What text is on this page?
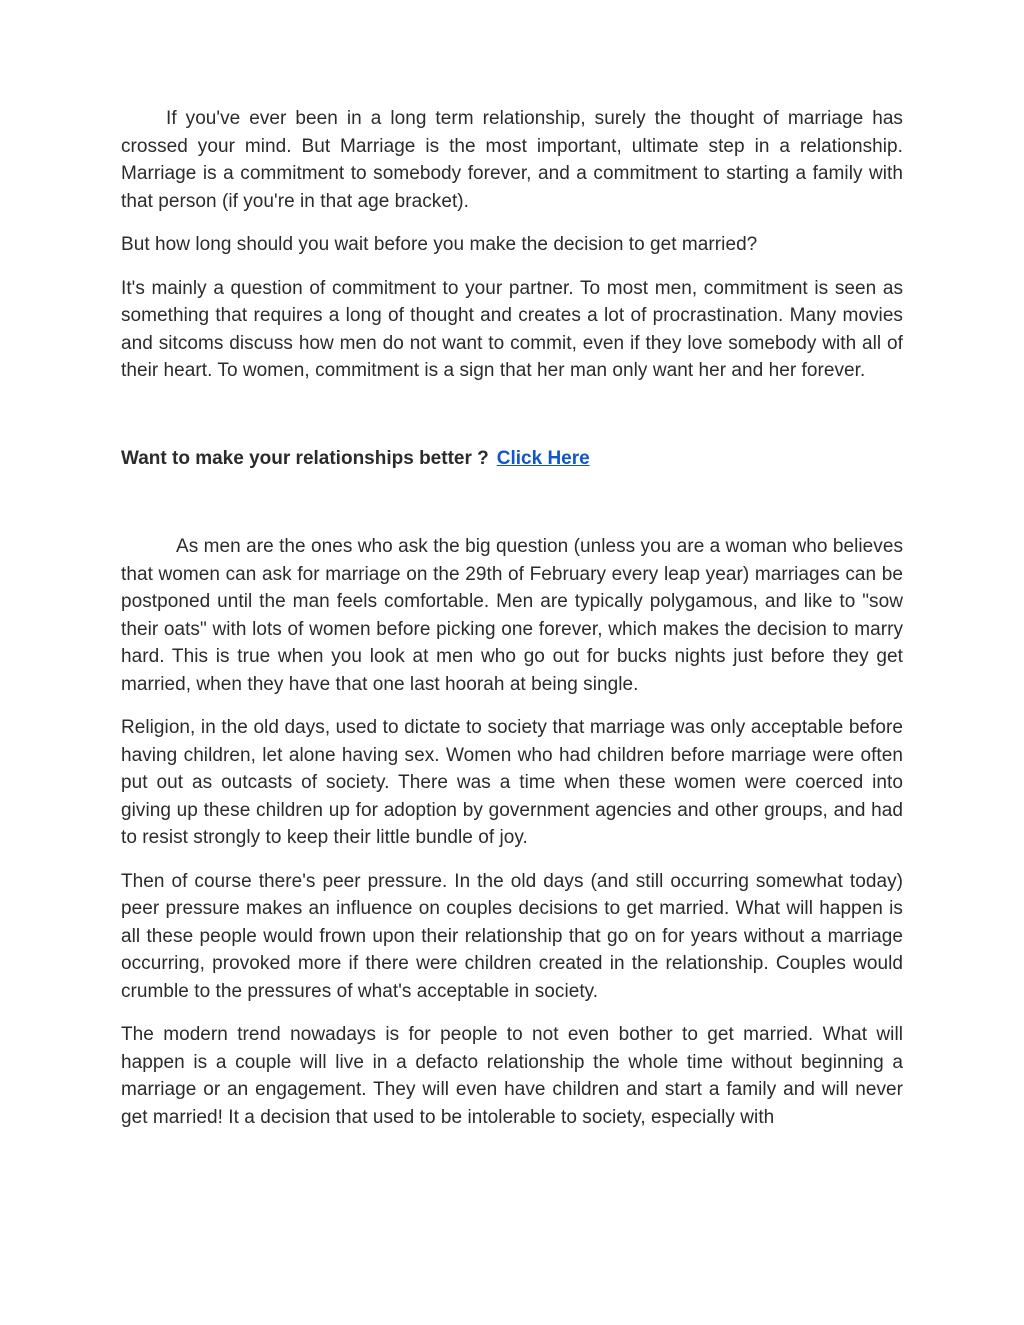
If you've ever been in a long term relationship, surely the thought of marriage has crossed your mind. But Marriage is the most important, ultimate step in a relationship. Marriage is a commitment to somebody forever, and a commitment to starting a family with that person (if you're in that age bracket).

But how long should you wait before you make the decision to get married?

It's mainly a question of commitment to your partner. To most men, commitment is seen as something that requires a long of thought and creates a lot of procrastination. Many movies and sitcoms discuss how men do not want to commit, even if they love somebody with all of their heart. To women, commitment is a sign that her man only want her and her forever.

Want to make your relationships better ? Click Here

As men are the ones who ask the big question (unless you are a woman who believes that women can ask for marriage on the 29th of February every leap year) marriages can be postponed until the man feels comfortable. Men are typically polygamous, and like to "sow their oats" with lots of women before picking one forever, which makes the decision to marry hard. This is true when you look at men who go out for bucks nights just before they get married, when they have that one last hoorah at being single.

Religion, in the old days, used to dictate to society that marriage was only acceptable before having children, let alone having sex. Women who had children before marriage were often put out as outcasts of society. There was a time when these women were coerced into giving up these children up for adoption by government agencies and other groups, and had to resist strongly to keep their little bundle of joy.

Then of course there's peer pressure. In the old days (and still occurring somewhat today) peer pressure makes an influence on couples decisions to get married. What will happen is all these people would frown upon their relationship that go on for years without a marriage occurring, provoked more if there were children created in the relationship. Couples would crumble to the pressures of what's acceptable in society.

The modern trend nowadays is for people to not even bother to get married. What will happen is a couple will live in a defacto relationship the whole time without beginning a marriage or an engagement. They will even have children and start a family and will never get married! It a decision that used to be intolerable to society, especially with
